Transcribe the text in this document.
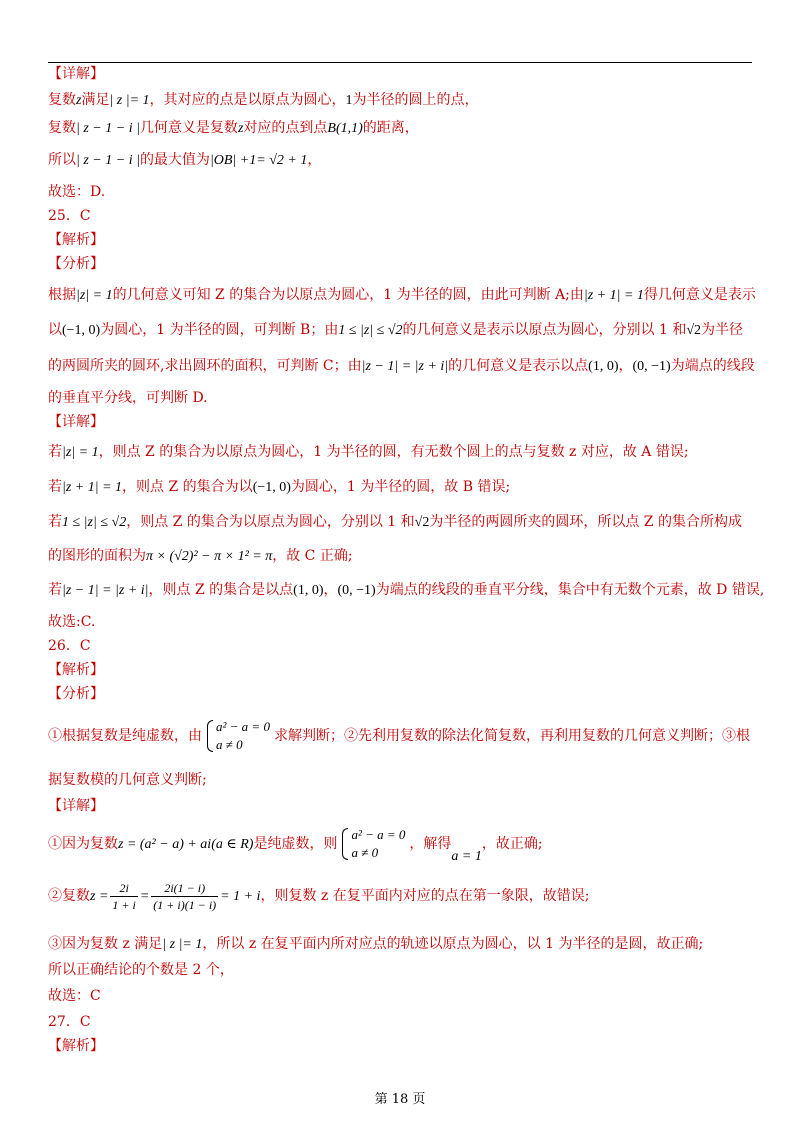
【详解】
复数z满足| z |= 1，其对应的点是以原点为圆心，1为半径的圆上的点，
复数| z − 1 − i |几何意义是复数z对应的点到点B(1,1)的距离，
所以| z − 1 − i |的最大值为|OB| +1= √2 + 1，
故选：D.
25．C
【解析】
【分析】
根据|z| = 1的几何意义可知 Z 的集合为以原点为圆心，1 为半径的圆，由此可判断 A;由|z + 1| = 1得几何意义是表示
以(−1, 0)为圆心，1 为半径的圆，可判断 B；由1 ≤ |z| ≤ √2的几何意义是表示以原点为圆心，分别以 1 和√2为半径
的两圆所夹的圆环,求出圆环的面积，可判断 C；由|z − 1| = |z + i|的几何意义是表示以点(1, 0)，(0, −1)为端点的线段
的垂直平分线，可判断 D.
【详解】
若|z| = 1，则点 Z 的集合为以原点为圆心，1 为半径的圆，有无数个圆上的点与复数 z 对应，故 A 错误;
若|z + 1| = 1，则点 Z 的集合为以(−1, 0)为圆心，1 为半径的圆，故 B 错误;
若1 ≤ |z| ≤ √2，则点 Z 的集合为以原点为圆心，分别以 1 和√2为半径的两圆所夹的圆环，所以点 Z 的集合所构成
的图形的面积为π × (√2)² − π × 1² = π，故 C 正确;
若|z − 1| = |z + i|，则点 Z 的集合是以点(1, 0)，(0, −1)为端点的线段的垂直平分线，集合中有无数个元素，故 D 错误,
故选:C.
26．C
【解析】
【分析】
①根据复数是纯虚数，由
a² − a = 0
a ≠ 0
求解判断；②先利用复数的除法化简复数，再利用复数的几何意义判断；③根
据复数模的几何意义判断;
【详解】
①因为复数z = (a² − a) + ai(a ∈ R)是纯虚数，则
a² − a = 0
a ≠ 0
，解得a = 1，故正确;
②复数$z = \frac{2i}{1 + i} = \frac{2i(1 - i)}{(1 + i)(1 - i)} = 1 + i$，则复数 z 在复平面内对应的点在第一象限，故错误;
③因为复数 z 满足| z |= 1，所以 z 在复平面内所对应点的轨迹以原点为圆心，以 1 为半径的是圆，故正确;
所以正确结论的个数是 2 个，
故选：C
27．C
【解析】
第 18 页
